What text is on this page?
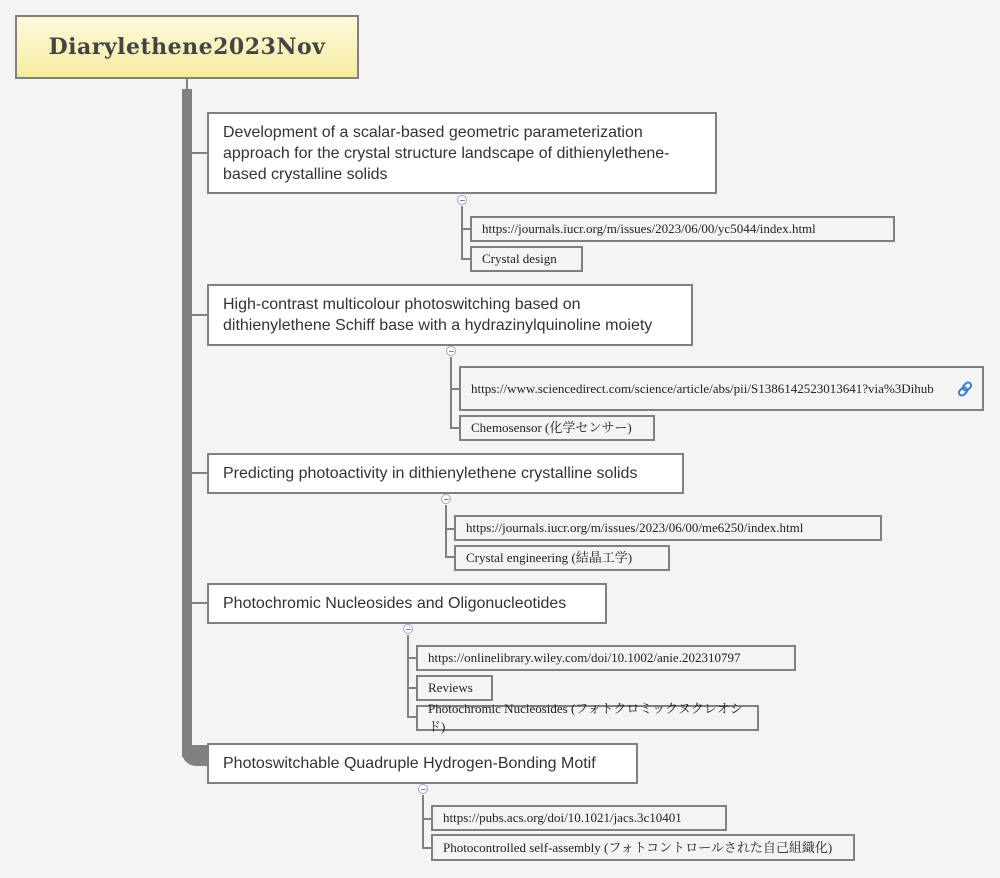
Diarylethene2023Nov
Development of a scalar-based geometric parameterization approach for the crystal structure landscape of dithienylethene-based crystalline solids
https://journals.iucr.org/m/issues/2023/06/00/yc5044/index.html
Crystal design
High-contrast multicolour photoswitching based on dithienylethene Schiff base with a hydrazinylquinoline moiety
https://www.sciencedirect.com/science/article/abs/pii/S1386142523013641?via%3Dihub
Chemosensor (化学センサー)
Predicting photoactivity in dithienylethene crystalline solids
https://journals.iucr.org/m/issues/2023/06/00/me6250/index.html
Crystal engineering (結晶工学)
Photochromic Nucleosides and Oligonucleotides
https://onlinelibrary.wiley.com/doi/10.1002/anie.202310797
Reviews
Photochromic Nucleosides (フォトクロミックヌクレオシド)
Photoswitchable Quadruple Hydrogen-Bonding Motif
https://pubs.acs.org/doi/10.1021/jacs.3c10401
Photocontrolled self-assembly (フォトコントロールされた自己組織化)
